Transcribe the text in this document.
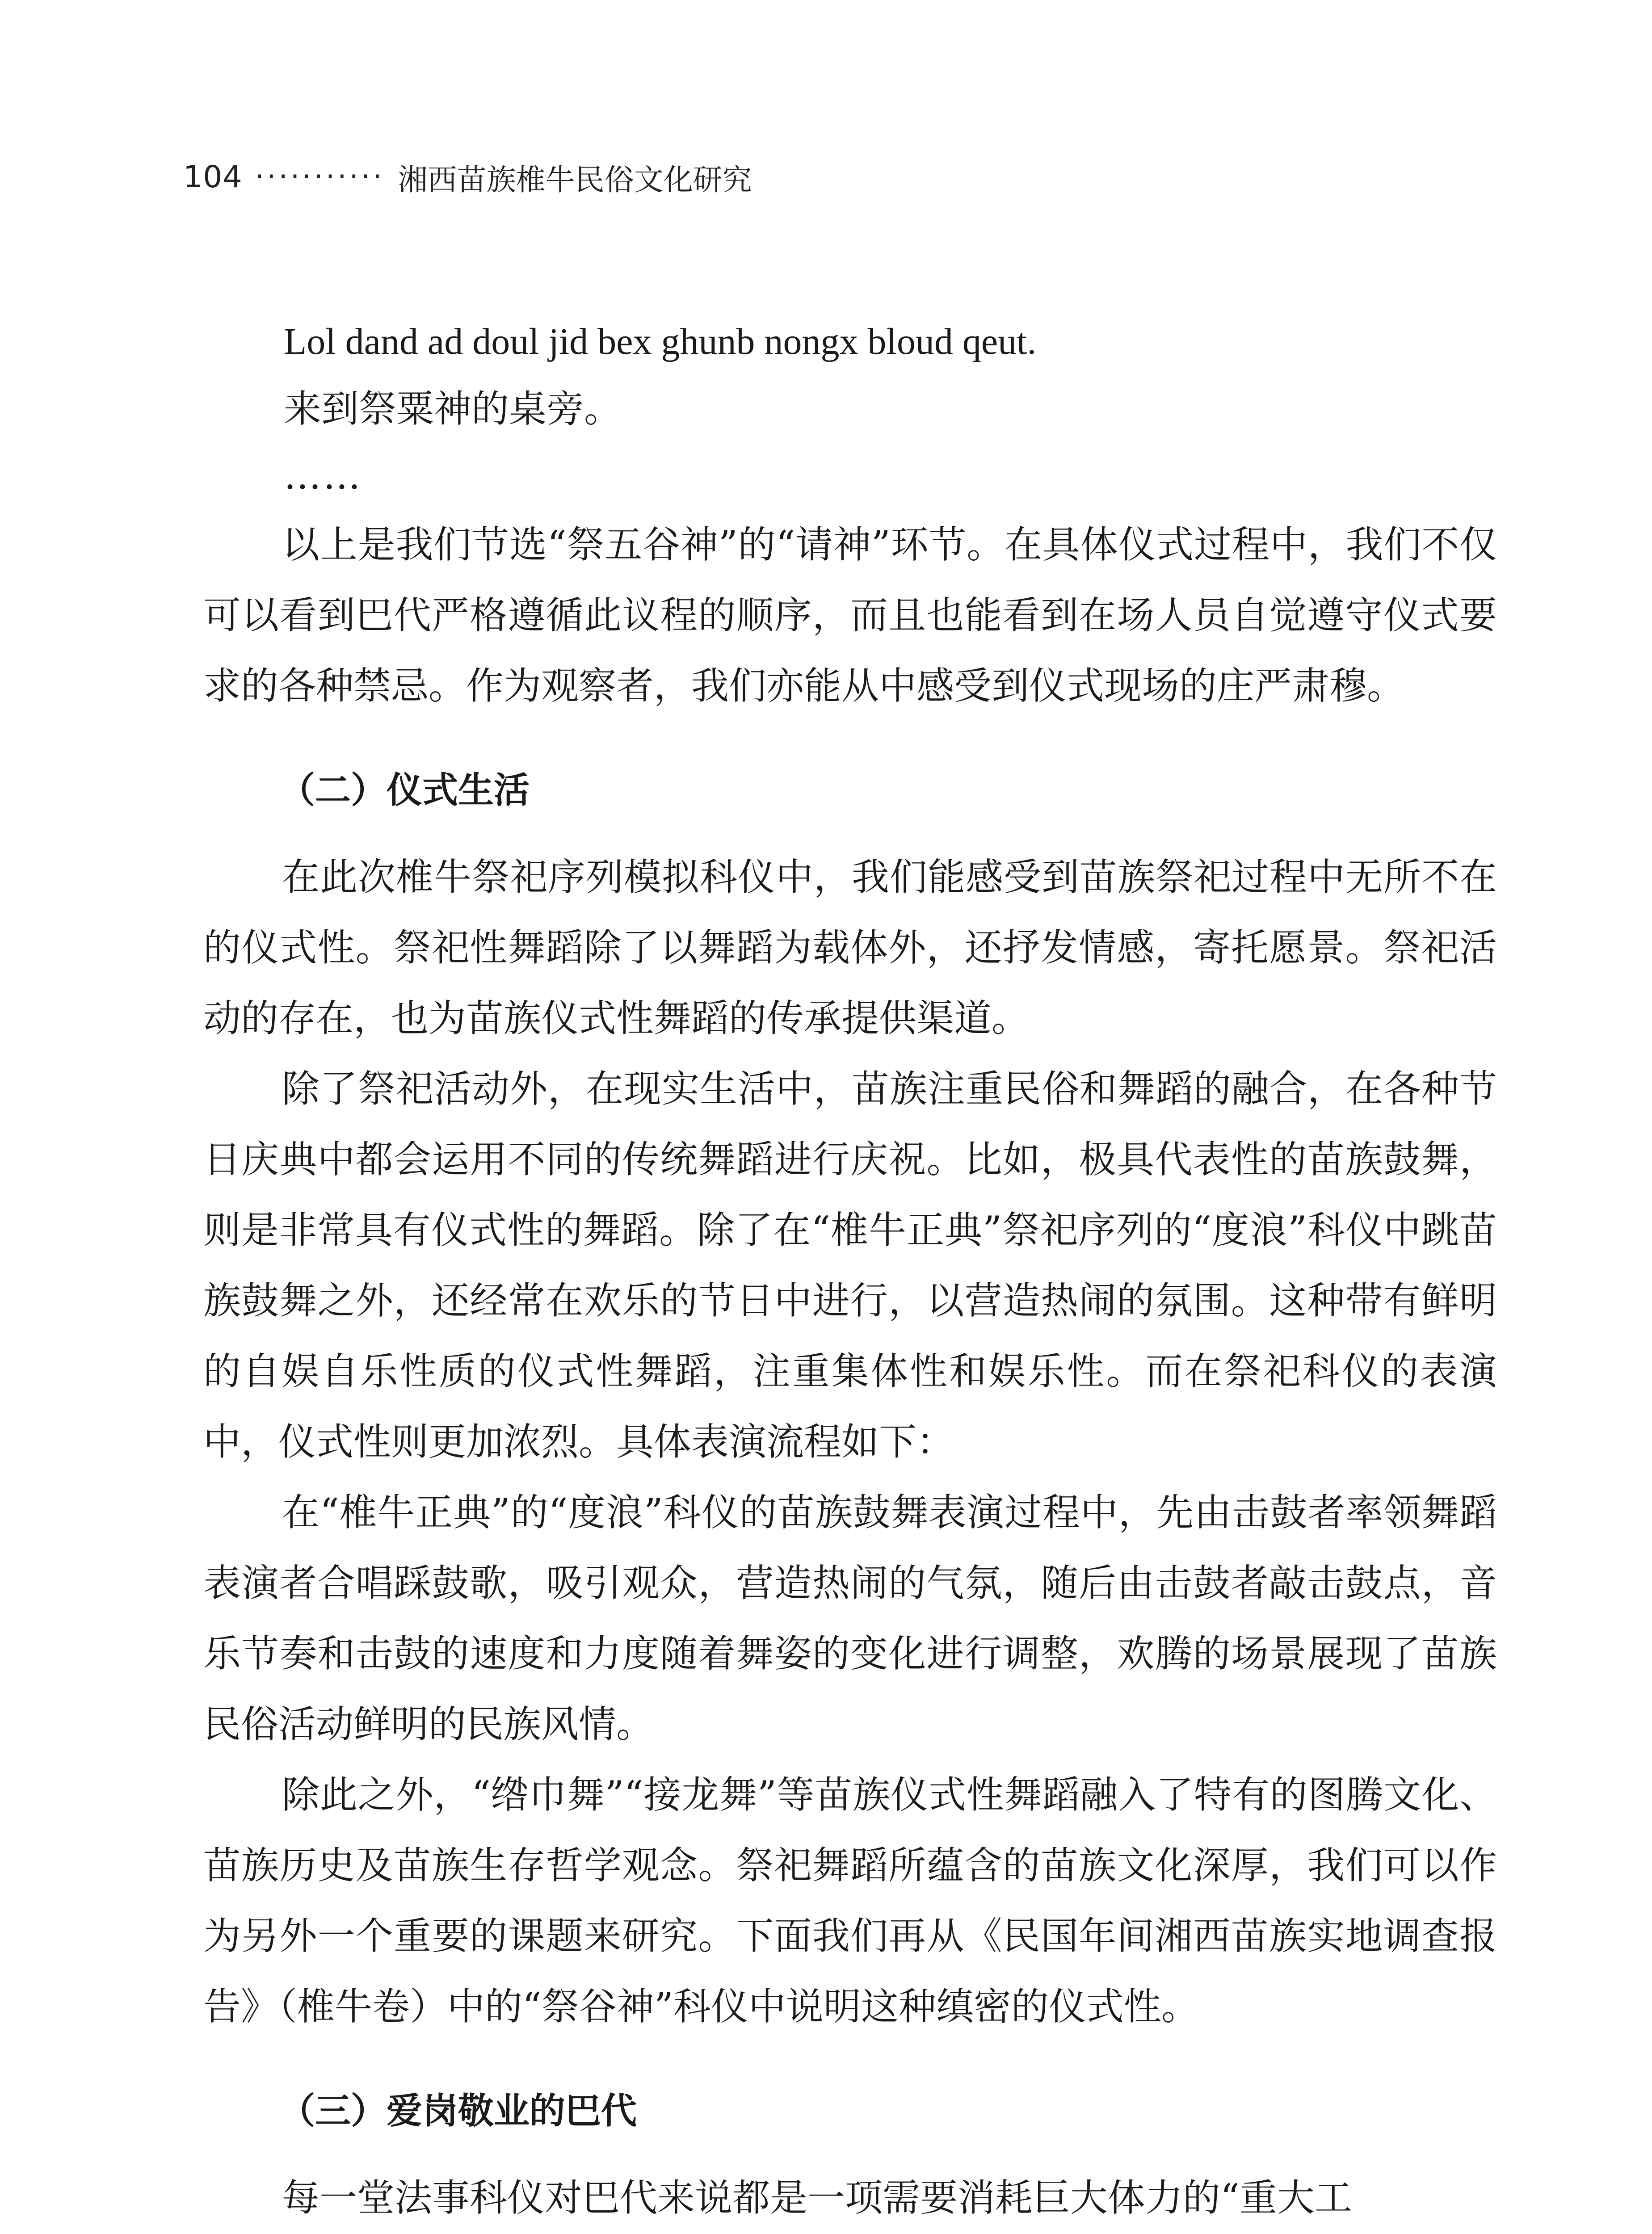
104 ··········· 湘西苗族椎牛民俗文化研究
Lol dand ad doul jid bex ghunb nongx bloud qeut.
来到祭粟神的桌旁。
……

以上是我们节选“祭五谷神”的“请神”环节。在具体仪式过程中，我们不仅可以看到巴代严格遵循此议程的顺序，而且也能看到在场人员自觉遵守仪式要求的各种禁忌。作为观察者，我们亦能从中感受到仪式现场的庄严肃穆。

（二）仪式生活

在此次椎牛祭祀序列模拟科仪中，我们能感受到苗族祭祀过程中无所不在的仪式性。祭祀性舞蹈除了以舞蹈为载体外，还抒发情感，寄托愿景。祭祀活动的存在，也为苗族仪式性舞蹈的传承提供渠道。

除了祭祀活动外，在现实生活中，苗族注重民俗和舞蹈的融合，在各种节日庆典中都会运用不同的传统舞蹈进行庆祝。比如，极具代表性的苗族鼓舞，则是非常具有仪式性的舞蹈。除了在“椎牛正典”祭祀序列的“度浪”科仪中跳苗族鼓舞之外，还经常在欢乐的节日中进行，以营造热闹的氛围。这种带有鲜明的自娱自乐性质的仪式性舞蹈，注重集体性和娱乐性。而在祭祀科仪的表演中，仪式性则更加浓烈。具体表演流程如下：

在“椎牛正典”的“度浪”科仪的苗族鼓舞表演过程中，先由击鼓者率领舞蹈表演者合唱踩鼓歌，吸引观众，营造热闹的气氛，随后由击鼓者敲击鼓点，音乐节奏和击鼓的速度和力度随着舞姿的变化进行调整，欢腾的场景展现了苗族民俗活动鲜明的民族风情。

除此之外，“绺巾舞”“接龙舞”等苗族仪式性舞蹈融入了特有的图腾文化、苗族历史及苗族生存哲学观念。祭祀舞蹈所蕴含的苗族文化深厚，我们可以作为另外一个重要的课题来研究。下面我们再从《民国年间湘西苗族实地调查报告》（椎牛卷）中的“祭谷神”科仪中说明这种缜密的仪式性。

（三）爱岗敬业的巴代

每一堂法事科仪对巴代来说都是一项需要消耗巨大体力的“重大工
